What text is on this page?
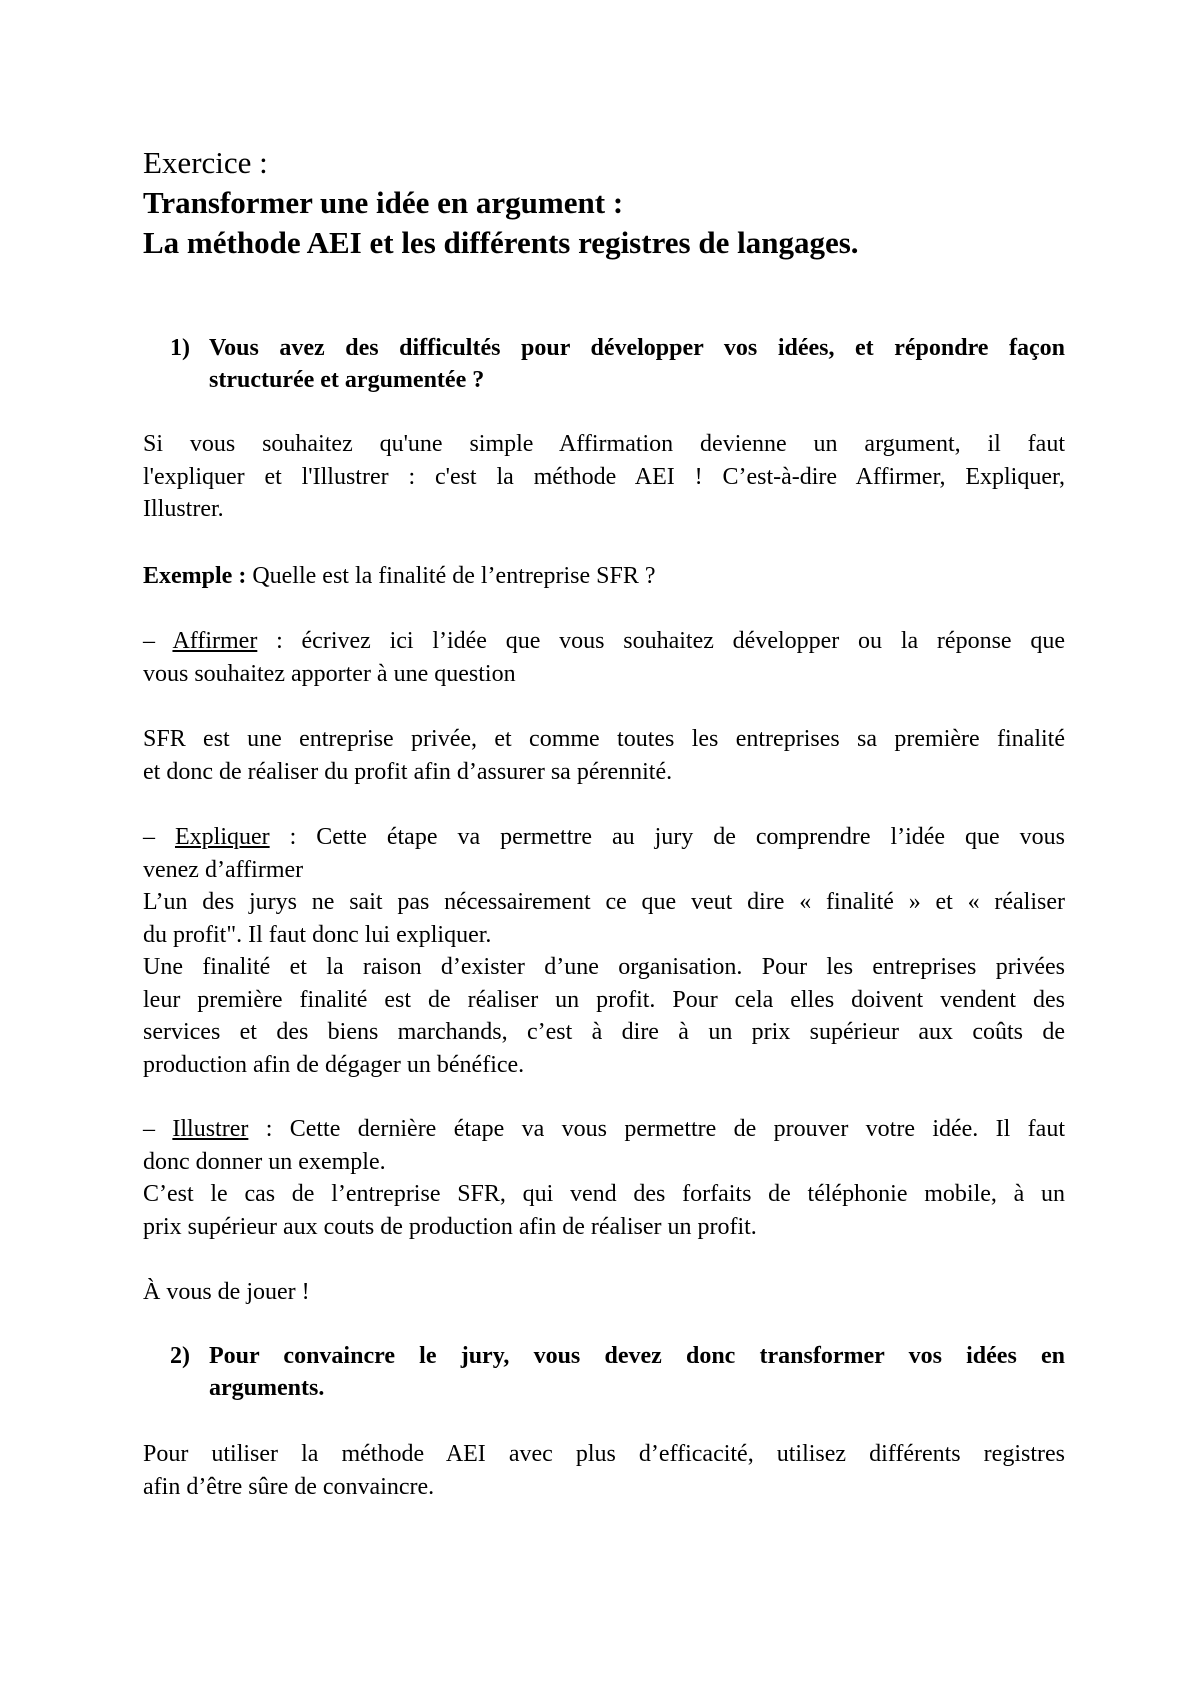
Exercice :

Transformer une idée en argument :

La méthode AEI et les différents registres de langages.

1) Vous avez des difficultés pour développer vos idées, et répondre façon
structurée et argumentée ?
Si vous souhaitez qu'une simple Affirmation devienne un argument, il faut
l'expliquer et l'Illustrer : c'est la méthode AEI ! C’est-à-dire Affirmer, Expliquer,
Illustrer.
Exemple : Quelle est la finalité de l’entreprise SFR ?
– Affirmer : écrivez ici l’idée que vous souhaitez développer ou la réponse que
vous souhaitez apporter à une question
SFR est une entreprise privée, et comme toutes les entreprises sa première finalité
et donc de réaliser du profit afin d’assurer sa pérennité.
– Expliquer : Cette étape va permettre au jury de comprendre l’idée que vous
venez d’affirmer
L’un des jurys ne sait pas nécessairement ce que veut dire « finalité » et « réaliser
du profit". Il faut donc lui expliquer.
Une finalité et la raison d’exister d’une organisation. Pour les entreprises privées
leur première finalité est de réaliser un profit. Pour cela elles doivent vendent des
services et des biens marchands, c’est à dire à un prix supérieur aux coûts de
production afin de dégager un bénéfice.
– Illustrer : Cette dernière étape va vous permettre de prouver votre idée. Il faut
donc donner un exemple.
C’est le cas de l’entreprise SFR, qui vend des forfaits de téléphonie mobile, à un
prix supérieur aux couts de production afin de réaliser un profit.
À vous de jouer !
2) Pour convaincre le jury, vous devez donc transformer vos idées en
arguments.
Pour utiliser la méthode AEI avec plus d’efficacité, utilisez différents registres
afin d’être sûre de convaincre.
